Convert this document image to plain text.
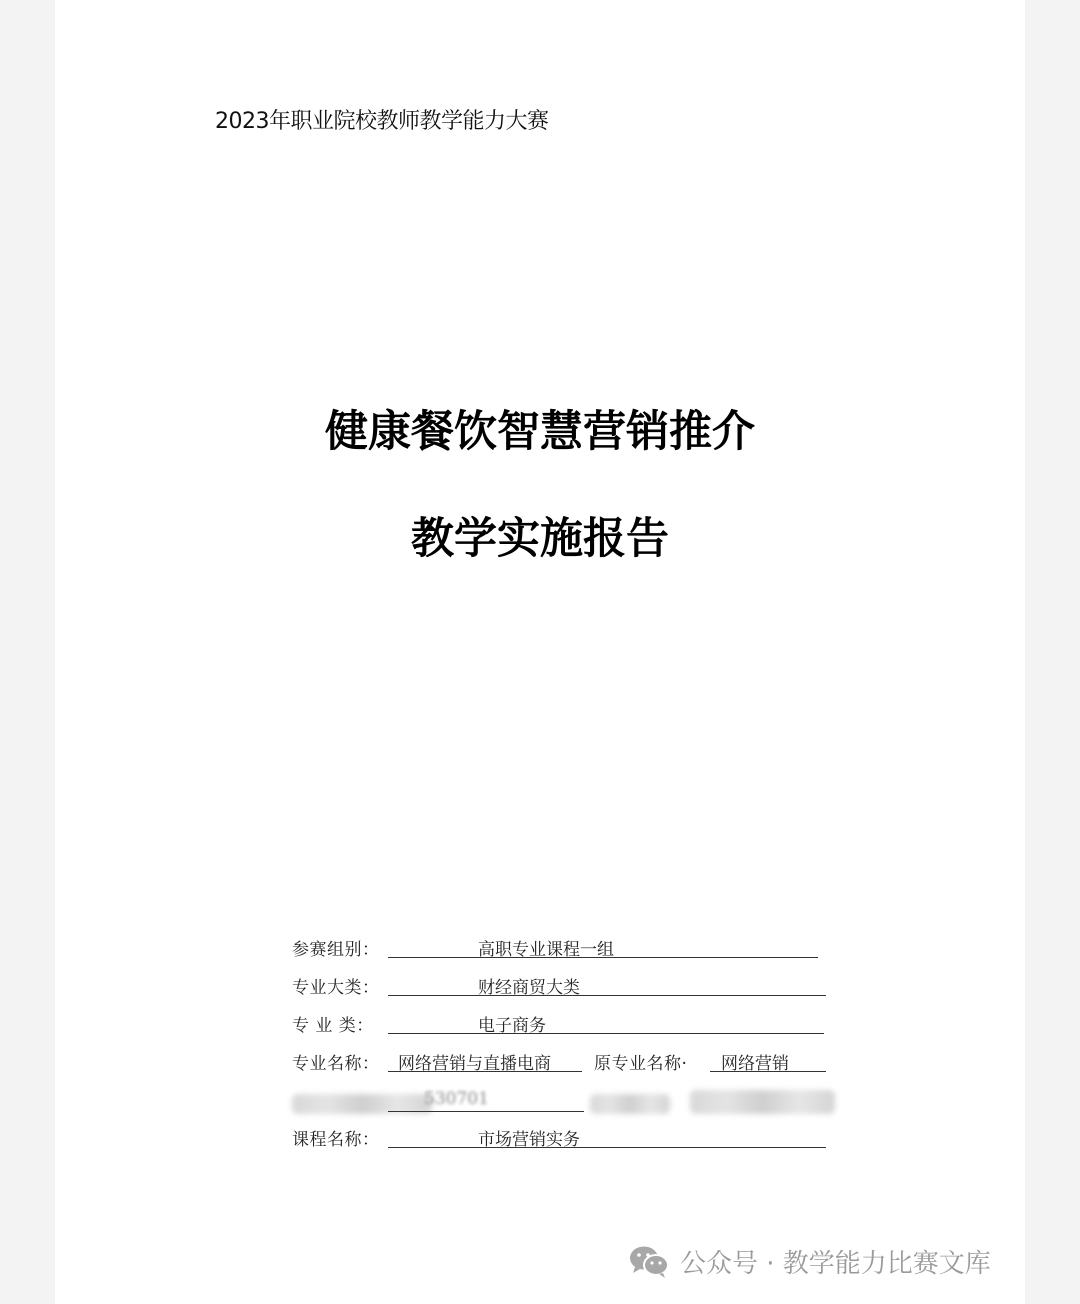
2023年职业院校教师教学能力大赛
健康餐饮智慧营销推介
教学实施报告
参赛组别：	高职专业课程一组
专业大类：	财经商贸大类
专 业 类：	电子商务
专业名称： 网络营销与直播电商	原专业名称· 网络营销
530701
课程名称：	市场营销实务
公众号 · 教学能力比赛文库
